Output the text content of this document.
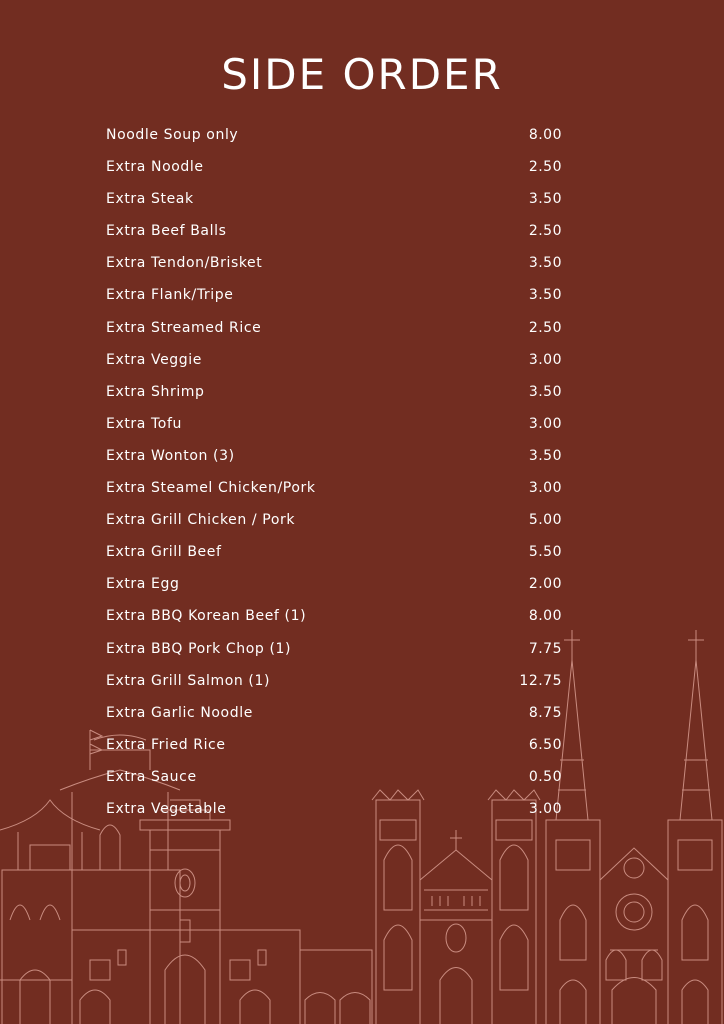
SIDE ORDER
Noodle Soup only	8.00
Extra Noodle	2.50
Extra Steak	3.50
Extra Beef Balls	2.50
Extra Tendon/Brisket	3.50
Extra Flank/Tripe	3.50
Extra Streamed Rice	2.50
Extra Veggie	3.00
Extra Shrimp	3.50
Extra Tofu	3.00
Extra Wonton (3)	3.50
Extra Steamel Chicken/Pork	3.00
Extra Grill Chicken / Pork	5.00
Extra Grill Beef	5.50
Extra Egg	2.00
Extra BBQ Korean Beef (1)	8.00
Extra BBQ Pork Chop (1)	7.75
Extra Grill Salmon (1)	12.75
Extra Garlic Noodle	8.75
Extra Fried Rice	6.50
Extra Sauce	0.50
Extra Vegetable	3.00
